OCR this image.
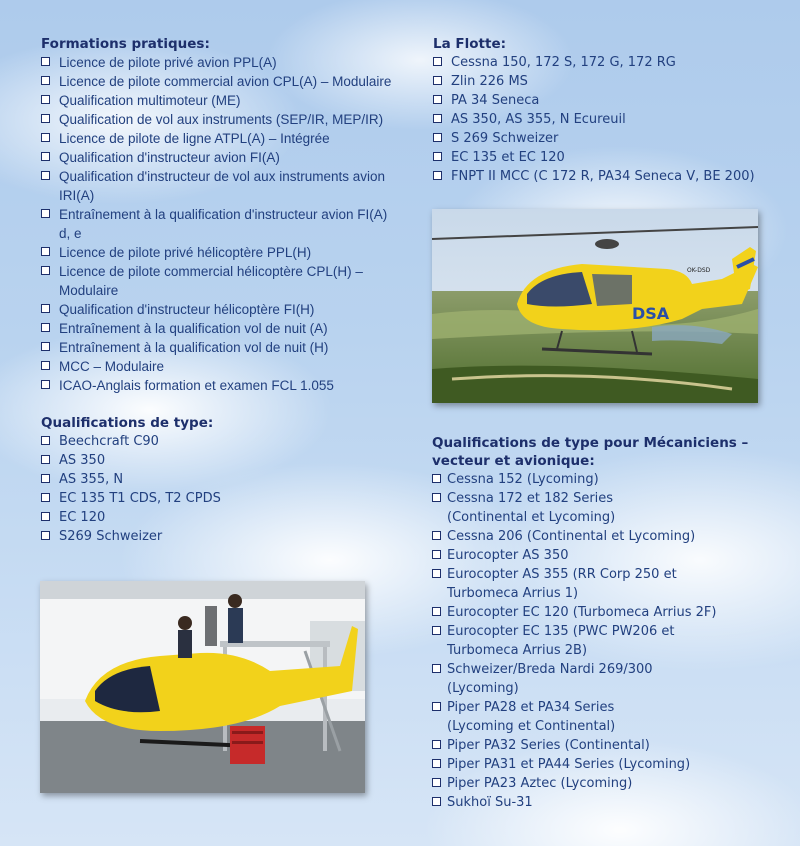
Formations pratiques:
Licence de pilote privé avion PPL(A)
Licence de pilote commercial avion CPL(A) – Modulaire
Qualification multimoteur (ME)
Qualification de vol aux instruments (SEP/IR, MEP/IR)
Licence de pilote de ligne ATPL(A) – Intégrée
Qualification d'instructeur avion FI(A)
Qualification d'instructeur de vol aux instruments avion IRI(A)
Entraînement à la qualification d'instructeur avion FI(A) d, e
Licence de pilote privé hélicoptère PPL(H)
Licence de pilote commercial hélicoptère CPL(H) – Modulaire
Qualification d'instructeur hélicoptère FI(H)
Entraînement à la qualification vol de nuit (A)
Entraînement à la qualification vol de nuit (H)
MCC – Modulaire
ICAO-Anglais formation et examen FCL 1.055
Qualifications de type:
Beechcraft C90
AS 350
AS 355, N
EC 135 T1 CDS, T2 CPDS
EC 120
S269 Schweizer
La Flotte:
Cessna 150, 172 S, 172 G, 172 RG
Zlin 226 MS
PA 34 Seneca
AS 350, AS 355, N Ecureuil
S 269 Schweizer
EC 135 et EC 120
FNPT II MCC (C 172 R, PA34 Seneca V, BE 200)
DSA
OK-DSD
Qualifications de type pour Mécaniciens –
vecteur et avionique:
Cessna 152 (Lycoming)
Cessna 172 et 182 Series (Continental et Lycoming)
Cessna 206 (Continental et Lycoming)
Eurocopter AS 350
Eurocopter AS 355 (RR Corp 250 et Turbomeca Arrius 1)
Eurocopter EC 120 (Turbomeca Arrius 2F)
Eurocopter EC 135 (PWC PW206 et Turbomeca Arrius 2B)
Schweizer/Breda Nardi 269/300 (Lycoming)
Piper PA28 et PA34 Series (Lycoming et Continental)
Piper PA32 Series (Continental)
Piper PA31 et PA44 Series (Lycoming)
Piper PA23 Aztec (Lycoming)
Sukhoï Su-31
